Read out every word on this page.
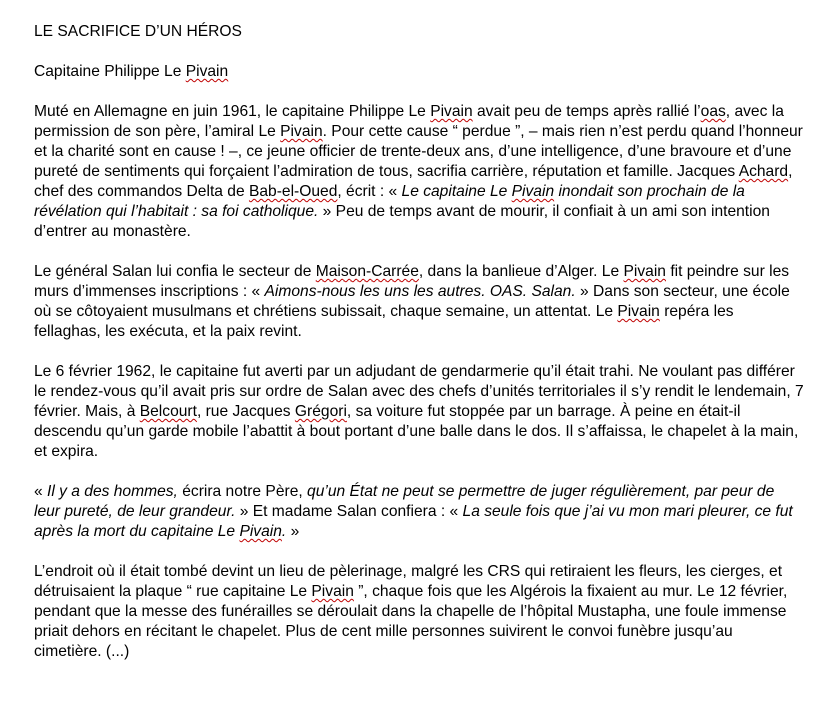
LE SACRIFICE D’UN HÉROS

Capitaine Philippe Le Pivain

Muté en Allemagne en juin 1961, le capitaine Philippe Le Pivain avait peu de temps après rallié l’oas, avec la permission de son père, l’amiral Le Pivain. Pour cette cause “ perdue ”, – mais rien n’est perdu quand l’honneur et la charité sont en cause ! –, ce jeune officier de trente-deux ans, d’une intelligence, d’une bravoure et d’une pureté de sentiments qui forçaient l’admiration de tous, sacrifia carrière, réputation et famille. Jacques Achard, chef des commandos Delta de Bab-el-Oued, écrit : « Le capitaine Le Pivain inondait son prochain de la révélation qui l’habitait : sa foi catholique. » Peu de temps avant de mourir, il confiait à un ami son intention d’entrer au monastère.

Le général Salan lui confia le secteur de Maison-Carrée, dans la banlieue d’Alger. Le Pivain fit peindre sur les murs d’immenses inscriptions : « Aimons-nous les uns les autres. OAS. Salan. » Dans son secteur, une école où se côtoyaient musulmans et chrétiens subissait, chaque semaine, un attentat. Le Pivain repéra les fellaghas, les exécuta, et la paix revint.

Le 6 février 1962, le capitaine fut averti par un adjudant de gendarmerie qu’il était trahi. Ne voulant pas différer le rendez-vous qu’il avait pris sur ordre de Salan avec des chefs d’unités territoriales il s’y rendit le lendemain, 7 février. Mais, à Belcourt, rue Jacques Grégori, sa voiture fut stoppée par un barrage. À peine en était-il descendu qu’un garde mobile l’abattit à bout portant d’une balle dans le dos. Il s’affaissa, le chapelet à la main, et expira.

« Il y a des hommes, écrira notre Père, qu’un État ne peut se permettre de juger régulièrement, par peur de leur pureté, de leur grandeur. » Et madame Salan confiera : « La seule fois que j’ai vu mon mari pleurer, ce fut après la mort du capitaine Le Pivain. »

L’endroit où il était tombé devint un lieu de pèlerinage, malgré les CRS qui retiraient les fleurs, les cierges, et détruisaient la plaque “ rue capitaine Le Pivain ”, chaque fois que les Algérois la fixaient au mur. Le 12 février, pendant que la messe des funérailles se déroulait dans la chapelle de l’hôpital Mustapha, une foule immense priait dehors en récitant le chapelet. Plus de cent mille personnes suivirent le convoi funèbre jusqu’au cimetière. (...)
